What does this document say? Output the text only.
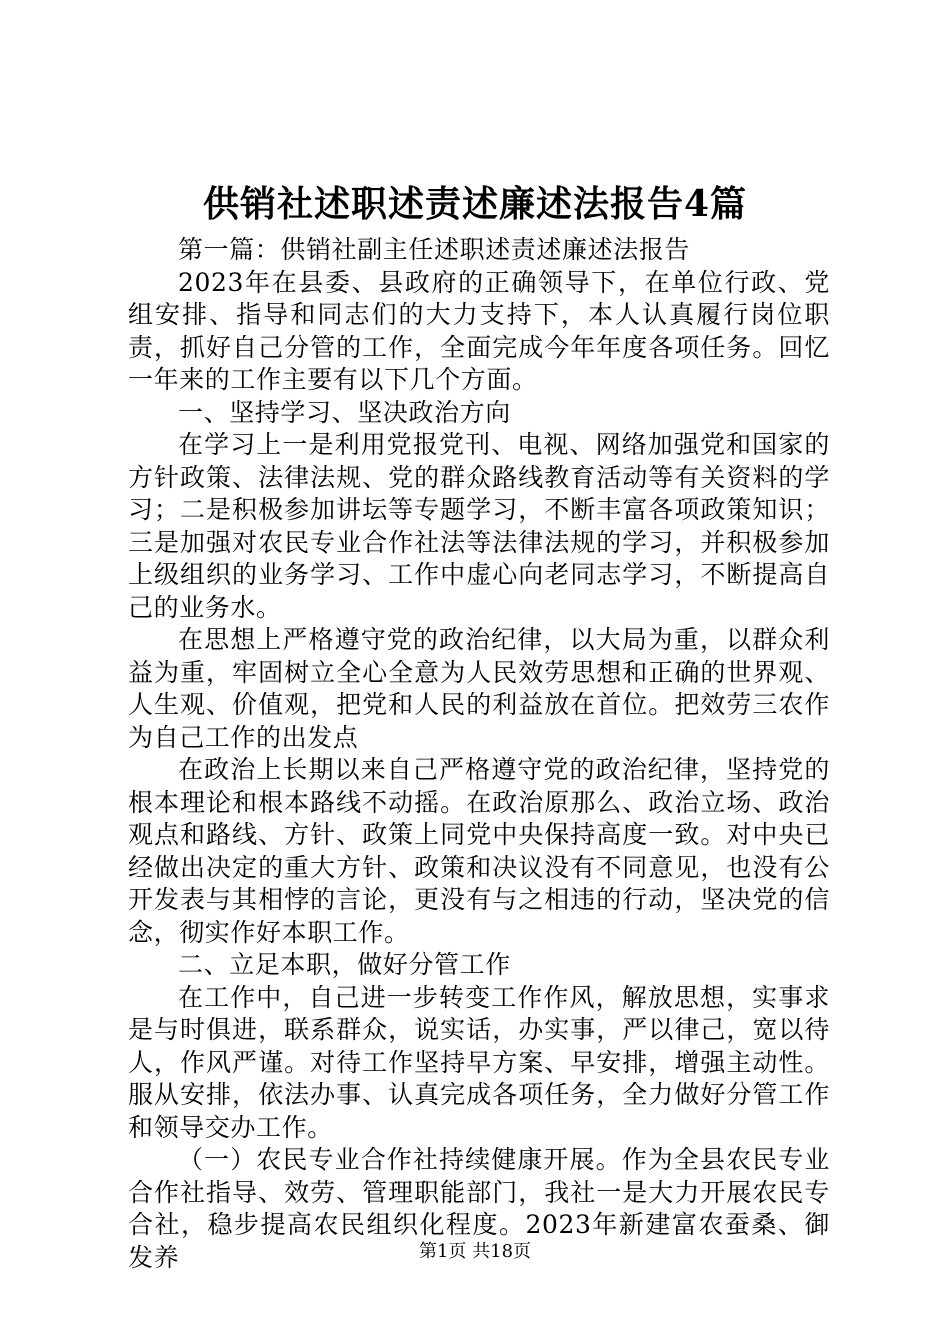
供销社述职述责述廉述法报告4篇

第一篇：供销社副主任述职述责述廉述法报告

2023年在县委、县政府的正确领导下，在单位行政、党组安排、指导和同志们的大力支持下，本人认真履行岗位职责，抓好自己分管的工作，全面完成今年年度各项任务。回忆一年来的工作主要有以下几个方面。

一、坚持学习、坚决政治方向

在学习上一是利用党报党刊、电视、网络加强党和国家的方针政策、法律法规、党的群众路线教育活动等有关资料的学习；二是积极参加讲坛等专题学习，不断丰富各项政策知识；三是加强对农民专业合作社法等法律法规的学习，并积极参加上级组织的业务学习、工作中虚心向老同志学习，不断提高自己的业务水。

在思想上严格遵守党的政治纪律，以大局为重，以群众利益为重，牢固树立全心全意为人民效劳思想和正确的世界观、人生观、价值观，把党和人民的利益放在首位。把效劳三农作为自己工作的出发点

在政治上长期以来自己严格遵守党的政治纪律，坚持党的根本理论和根本路线不动摇。在政治原那么、政治立场、政治观点和路线、方针、政策上同党中央保持高度一致。对中央已经做出决定的重大方针、政策和决议没有不同意见，也没有公开发表与其相悖的言论，更没有与之相违的行动，坚决党的信念，彻实作好本职工作。

二、立足本职，做好分管工作

在工作中，自己进一步转变工作作风，解放思想，实事求是与时俱进，联系群众，说实话，办实事，严以律己，宽以待人，作风严谨。对待工作坚持早方案、早安排，增强主动性。服从安排，依法办事、认真完成各项任务，全力做好分管工作和领导交办工作。

（一）农民专业合作社持续健康开展。作为全县农民专业合作社指导、效劳、管理职能部门，我社一是大力开展农民专合社，稳步提高农民组织化程度。2023年新建富农蚕桑、御发养	第1页 共18页
